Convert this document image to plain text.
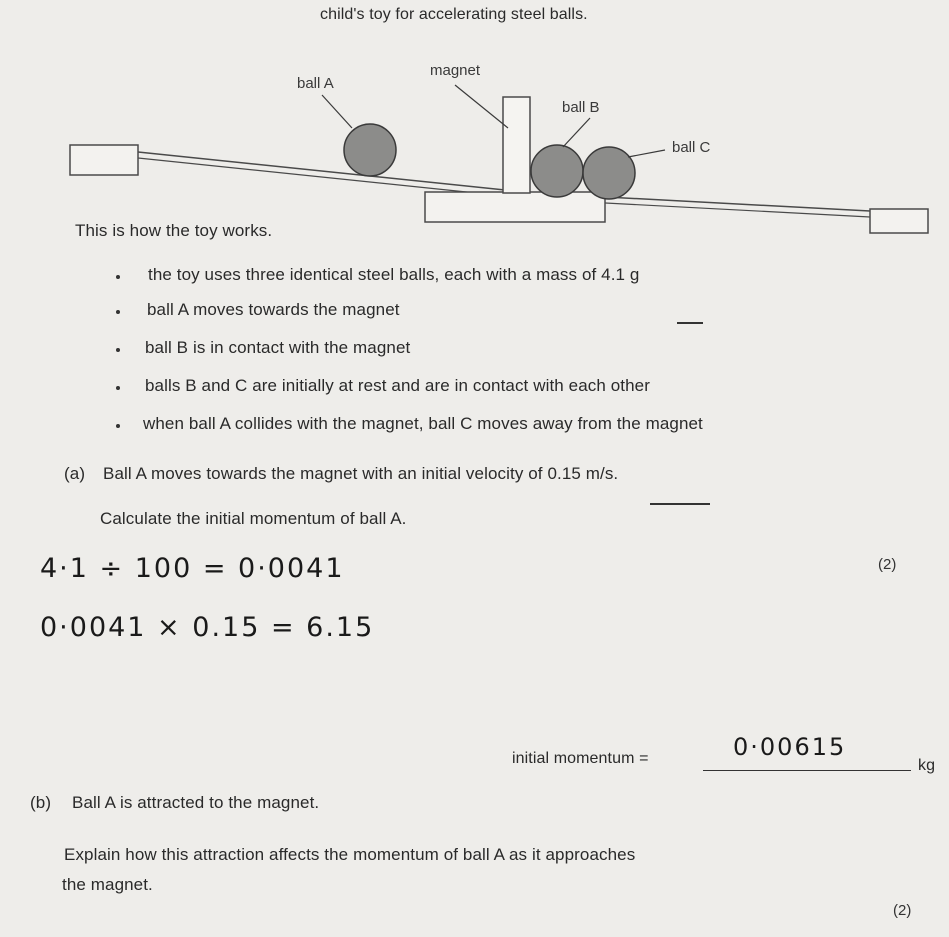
child's toy for accelerating steel balls.
ball A
magnet
ball B
ball C
This is how the toy works.
the toy uses three identical steel balls, each with a mass of 4.1 g
ball A moves towards the magnet
ball B is in contact with the magnet
balls B and C are initially at rest and are in contact with each other
when ball A collides with the magnet, ball C moves away from the magnet
(a) Ball A moves towards the magnet with an initial velocity of 0.15 m/s.
Calculate the initial momentum of ball A.
(2)
4·1 ÷ 100 = 0·0041
0·0041 × 0.15 = 6.15
initial momentum =	0·00615
kg
(b) Ball A is attracted to the magnet.
Explain how this attraction affects the momentum of ball A as it approaches
the magnet.
(2)
